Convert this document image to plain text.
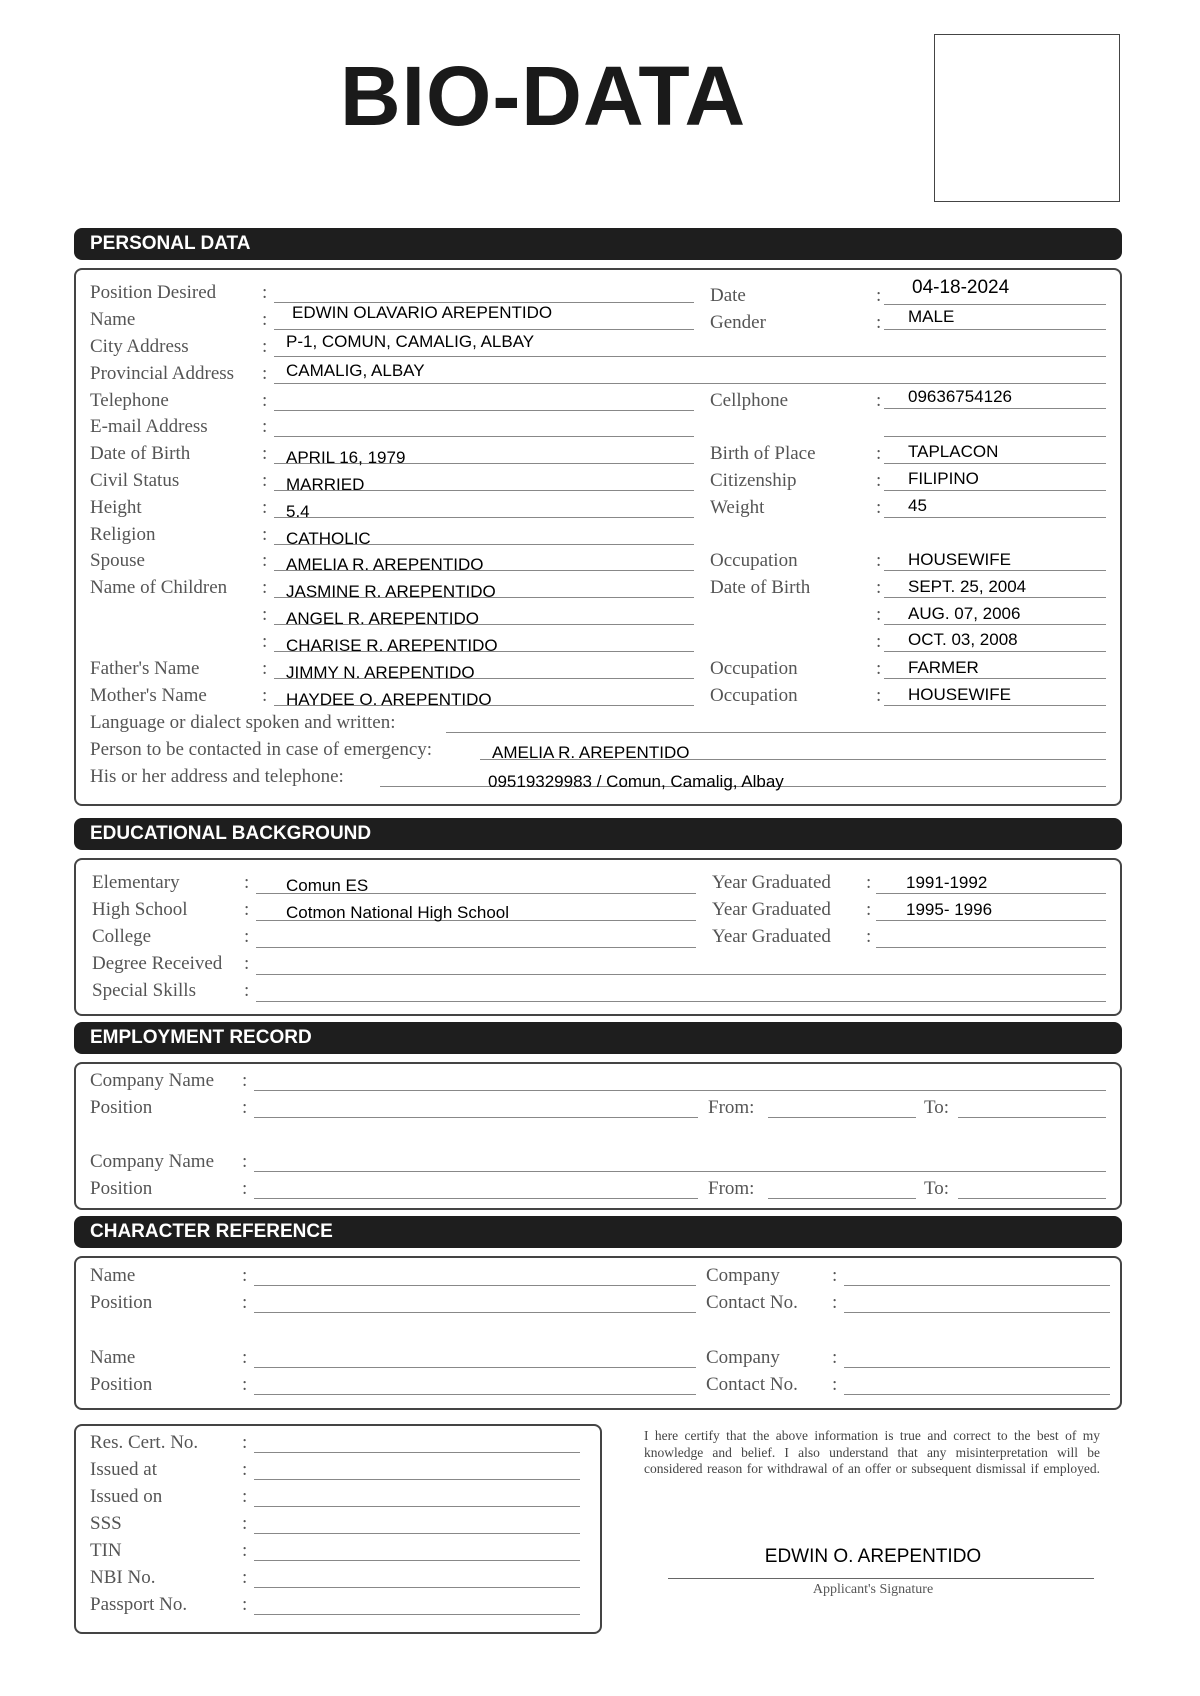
BIO-DATA
PERSONAL DATA
Position Desired
Name
City Address
Provincial Address
Telephone
E-mail Address
Date of Birth
Civil Status
Height
Religion
Spouse
Name of Children
Father's Name
Mother's Name
Language or dialect spoken and written:
Person to be contacted in case of emergency:
His or her address and telephone:
:
:
:
:
:
:
:
:
:
:
:
:
:
:
:
:
EDWIN OLAVARIO AREPENTIDO
P-1, COMUN, CAMALIG, ALBAY
CAMALIG, ALBAY
APRIL 16, 1979
MARRIED
5.4
CATHOLIC
AMELIA R. AREPENTIDO
JASMINE R. AREPENTIDO
ANGEL R. AREPENTIDO
CHARISE R. AREPENTIDO
JIMMY N. AREPENTIDO
HAYDEE O. AREPENTIDO
AMELIA R. AREPENTIDO
09519329983 / Comun, Camalig, Albay
Date
Gender
Cellphone
Birth of Place
Citizenship
Weight
Occupation
Date of Birth
Occupation
Occupation
:
:
:
:
:
:
:
:
:
:
:
:
04-18-2024
MALE
09636754126
TAPLACON
FILIPINO
45
HOUSEWIFE
SEPT. 25, 2004
AUG. 07, 2006
OCT. 03, 2008
FARMER
HOUSEWIFE
EDUCATIONAL BACKGROUND
Elementary
High School
College
Degree Received
Special Skills
:
:
:
:
:
Comun ES
Cotmon National High School
Year Graduated
Year Graduated
Year Graduated
:
:
:
1991-1992
1995- 1996
EMPLOYMENT RECORD
Company Name
Position
Company Name
Position
:
:
:
:
From:	To:
From:	To:
CHARACTER REFERENCE
Name
Position
Name
Position
:
:
:
:
Company
Contact No.
Company
Contact No.
:
:
:
:
Res. Cert. No.
Issued at
Issued on
SSS
TIN
NBI No.
Passport No.
:
:
:
:
:
:
:
I here certify that the above information is true and correct to the best of my knowledge and belief. I also understand that any misinterpretation will be considered reason for withdrawal of an offer or subsequent dismissal if employed.
EDWIN O. AREPENTIDO
Applicant's Signature
